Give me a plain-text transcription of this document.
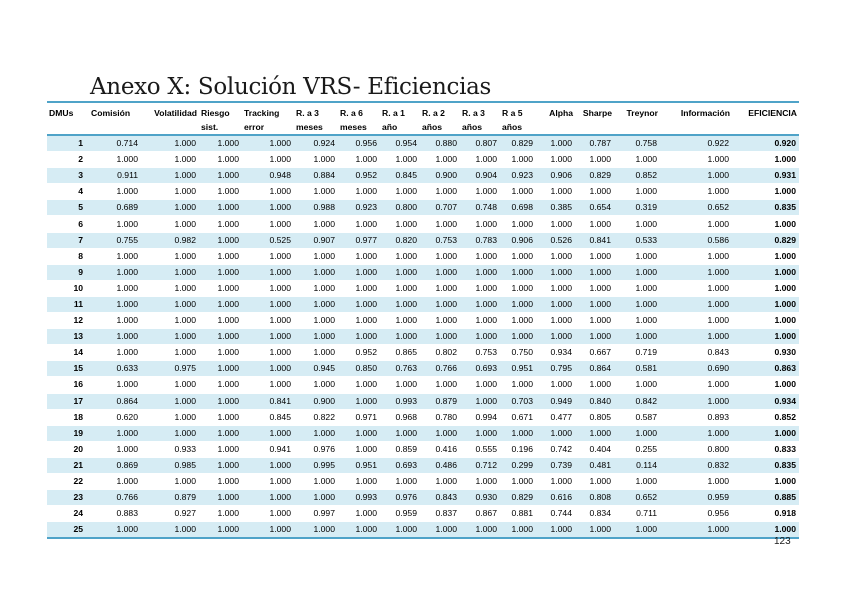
Anexo X: Solución VRS- Eficiencias
DMUs	Comisión	Volatilidad	Riesgo sist.	Tracking error	R. a 3 meses	R. a 6 meses	R. a 1 año	R. a 2 años	R. a 3 años	R a 5 años	Alpha	Sharpe	Treynor	Información	EFICIENCIA
1	0.714	1.000	1.000	1.000	0.924	0.956	0.954	0.880	0.807	0.829	1.000	0.787	0.758	0.922	0.920
2	1.000	1.000	1.000	1.000	1.000	1.000	1.000	1.000	1.000	1.000	1.000	1.000	1.000	1.000	1.000
3	0.911	1.000	1.000	0.948	0.884	0.952	0.845	0.900	0.904	0.923	0.906	0.829	0.852	1.000	0.931
4	1.000	1.000	1.000	1.000	1.000	1.000	1.000	1.000	1.000	1.000	1.000	1.000	1.000	1.000	1.000
5	0.689	1.000	1.000	1.000	0.988	0.923	0.800	0.707	0.748	0.698	0.385	0.654	0.319	0.652	0.835
6	1.000	1.000	1.000	1.000	1.000	1.000	1.000	1.000	1.000	1.000	1.000	1.000	1.000	1.000	1.000
7	0.755	0.982	1.000	0.525	0.907	0.977	0.820	0.753	0.783	0.906	0.526	0.841	0.533	0.586	0.829
8	1.000	1.000	1.000	1.000	1.000	1.000	1.000	1.000	1.000	1.000	1.000	1.000	1.000	1.000	1.000
9	1.000	1.000	1.000	1.000	1.000	1.000	1.000	1.000	1.000	1.000	1.000	1.000	1.000	1.000	1.000
10	1.000	1.000	1.000	1.000	1.000	1.000	1.000	1.000	1.000	1.000	1.000	1.000	1.000	1.000	1.000
11	1.000	1.000	1.000	1.000	1.000	1.000	1.000	1.000	1.000	1.000	1.000	1.000	1.000	1.000	1.000
12	1.000	1.000	1.000	1.000	1.000	1.000	1.000	1.000	1.000	1.000	1.000	1.000	1.000	1.000	1.000
13	1.000	1.000	1.000	1.000	1.000	1.000	1.000	1.000	1.000	1.000	1.000	1.000	1.000	1.000	1.000
14	1.000	1.000	1.000	1.000	1.000	0.952	0.865	0.802	0.753	0.750	0.934	0.667	0.719	0.843	0.930
15	0.633	0.975	1.000	1.000	0.945	0.850	0.763	0.766	0.693	0.951	0.795	0.864	0.581	0.690	0.863
16	1.000	1.000	1.000	1.000	1.000	1.000	1.000	1.000	1.000	1.000	1.000	1.000	1.000	1.000	1.000
17	0.864	1.000	1.000	0.841	0.900	1.000	0.993	0.879	1.000	0.703	0.949	0.840	0.842	1.000	0.934
18	0.620	1.000	1.000	0.845	0.822	0.971	0.968	0.780	0.994	0.671	0.477	0.805	0.587	0.893	0.852
19	1.000	1.000	1.000	1.000	1.000	1.000	1.000	1.000	1.000	1.000	1.000	1.000	1.000	1.000	1.000
20	1.000	0.933	1.000	0.941	0.976	1.000	0.859	0.416	0.555	0.196	0.742	0.404	0.255	0.800	0.833
21	0.869	0.985	1.000	1.000	0.995	0.951	0.693	0.486	0.712	0.299	0.739	0.481	0.114	0.832	0.835
22	1.000	1.000	1.000	1.000	1.000	1.000	1.000	1.000	1.000	1.000	1.000	1.000	1.000	1.000	1.000
23	0.766	0.879	1.000	1.000	1.000	0.993	0.976	0.843	0.930	0.829	0.616	0.808	0.652	0.959	0.885
24	0.883	0.927	1.000	1.000	0.997	1.000	0.959	0.837	0.867	0.881	0.744	0.834	0.711	0.956	0.918
25	1.000	1.000	1.000	1.000	1.000	1.000	1.000	1.000	1.000	1.000	1.000	1.000	1.000	1.000	1.000
123
